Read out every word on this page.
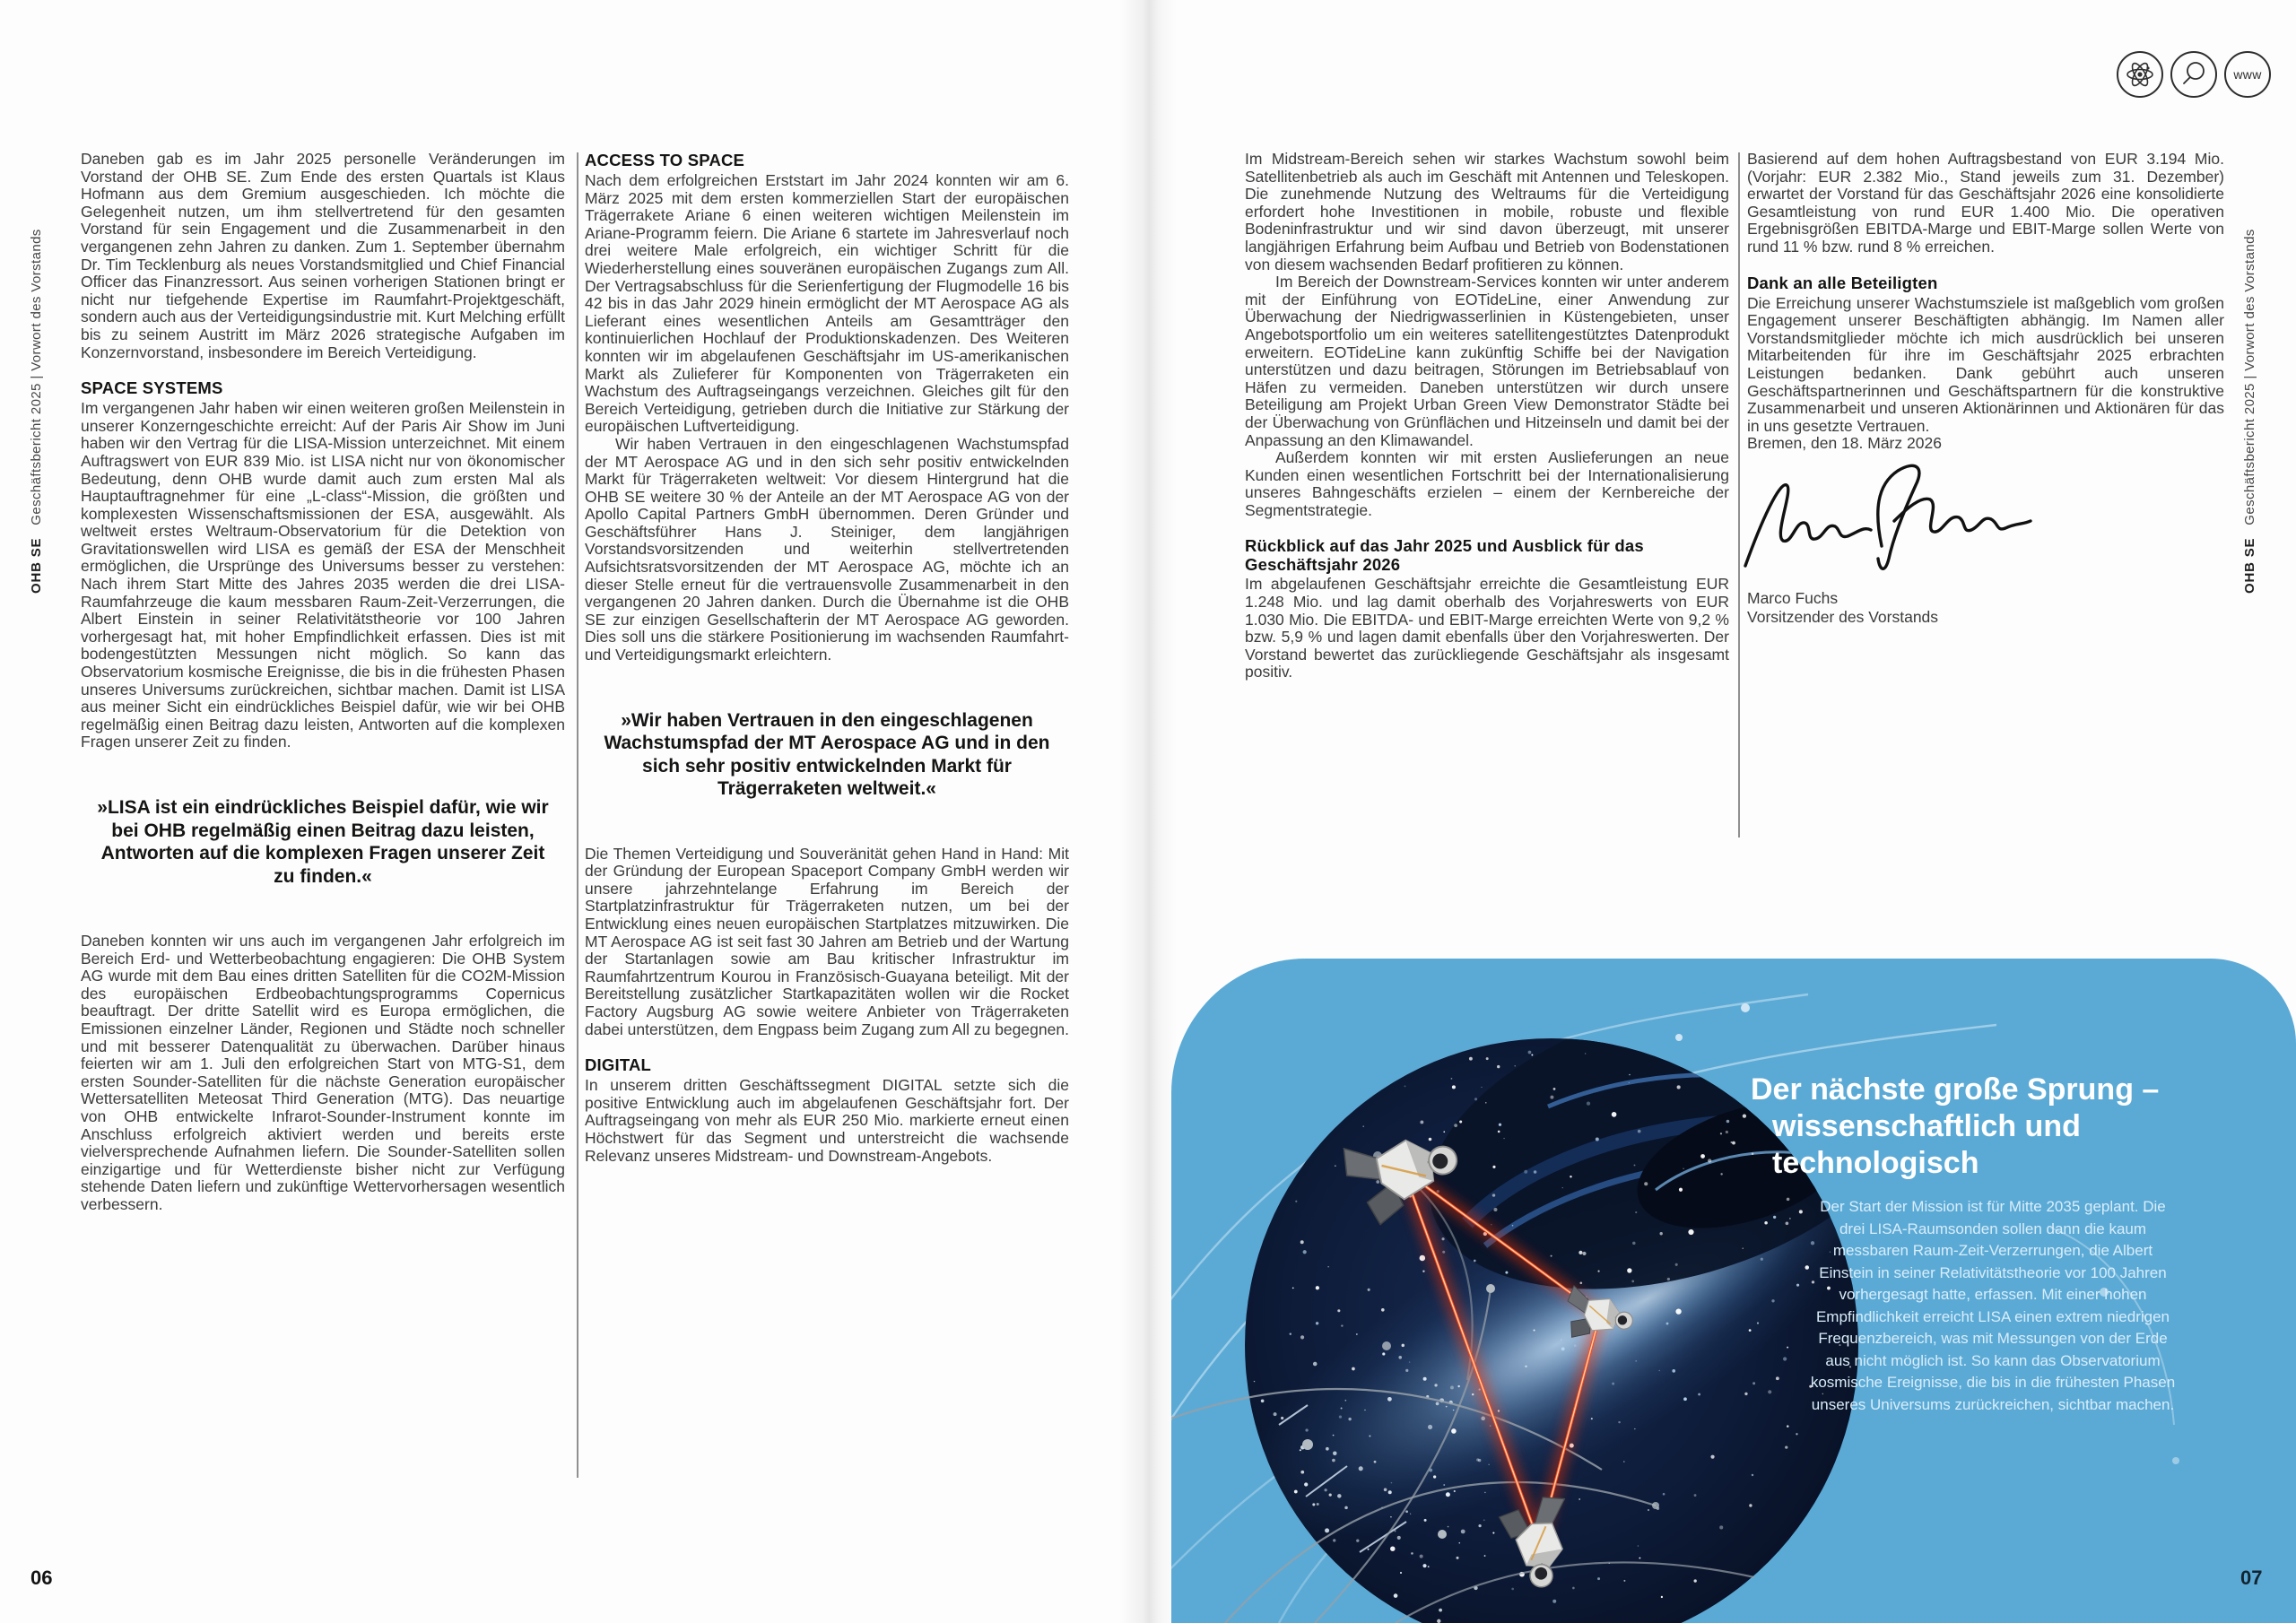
OHB SEGeschäftsbericht 2025 | Vorwort des Vorstands
OHB SEGeschäftsbericht 2025 | Vorwort des Vorstands
www

Daneben gab es im Jahr 2025 personelle Veränderungen im Vorstand der OHB SE. Zum Ende des ersten Quartals ist Klaus Hofmann aus dem Gremium ausgeschieden. Ich möchte die Gelegenheit nutzen, um ihm stellvertretend für den gesamten Vorstand für sein Engagement und die Zusammenarbeit in den vergangenen zehn Jahren zu danken. Zum 1. September übernahm Dr. Tim Tecklenburg als neues Vorstandsmitglied und Chief Financial Officer das Finanzressort. Aus seinen vorherigen Stationen bringt er nicht nur tiefgehende Expertise im Raumfahrt-Projektgeschäft, sondern auch aus der Verteidigungsindustrie mit. Kurt Melching erfüllt bis zu seinem Austritt im März 2026 strategische Aufgaben im Konzernvorstand, insbesondere im Bereich Verteidigung.

SPACE SYSTEMS

Im vergangenen Jahr haben wir einen weiteren großen Meilenstein in unserer Konzerngeschichte erreicht: Auf der Paris Air Show im Juni haben wir den Vertrag für die LISA-Mission unterzeichnet. Mit einem Auftragswert von EUR 839 Mio. ist LISA nicht nur von ökonomischer Bedeutung, denn OHB wurde damit auch zum ersten Mal als Hauptauftragnehmer für eine „L-class“-Mission, die größten und komplexesten Wissenschaftsmissionen der ESA, ausgewählt. Als weltweit erstes Weltraum-Observatorium für die Detektion von Gravitationswellen wird LISA es gemäß der ESA der Menschheit ermöglichen, die Ursprünge des Universums besser zu verstehen: Nach ihrem Start Mitte des Jahres 2035 werden die drei LISA-Raumfahrzeuge die kaum messbaren Raum-Zeit-Verzerrungen, die Albert Einstein in seiner Relativitätstheorie vor 100 Jahren vorhergesagt hat, mit hoher Empfindlichkeit erfassen. Dies ist mit bodengestützten Messungen nicht möglich. So kann das Observatorium kosmische Ereignisse, die bis in die frühesten Phasen unseres Universums zurückreichen, sichtbar machen. Damit ist LISA aus meiner Sicht ein eindrückliches Beispiel dafür, wie wir bei OHB regelmäßig einen Beitrag dazu leisten, Antworten auf die komplexen Fragen unserer Zeit zu finden.

»LISA ist ein eindrückliches Beispiel dafür, wie wir bei OHB regelmäßig einen Beitrag dazu leisten, Antworten auf die komplexen Fragen unserer Zeit zu finden.«

Daneben konnten wir uns auch im vergangenen Jahr erfolgreich im Bereich Erd- und Wetterbeobachtung engagieren: Die OHB System AG wurde mit dem Bau eines dritten Satelliten für die CO2M-Mission des europäischen Erdbeobachtungsprogramms Copernicus beauftragt. Der dritte Satellit wird es Europa ermöglichen, die Emissionen einzelner Länder, Regionen und Städte noch schneller und mit besserer Datenqualität zu überwachen. Darüber hinaus feierten wir am 1. Juli den erfolgreichen Start von MTG-S1, dem ersten Sounder-Satelliten für die nächste Generation europäischer Wettersatelliten Meteosat Third Generation (MTG). Das neuartige von OHB entwickelte Infrarot-Sounder-Instrument konnte im Anschluss erfolgreich aktiviert werden und bereits erste vielversprechende Aufnahmen liefern. Die Sounder-Satelliten sollen einzigartige und für Wetterdienste bisher nicht zur Verfügung stehende Daten liefern und zukünftige Wettervorhersagen wesentlich verbessern.

ACCESS TO SPACE

Nach dem erfolgreichen Erststart im Jahr 2024 konnten wir am 6. März 2025 mit dem ersten kommerziellen Start der europäischen Trägerrakete Ariane 6 einen weiteren wichtigen Meilenstein im Ariane-Programm feiern. Die Ariane 6 startete im Jahresverlauf noch drei weitere Male erfolgreich, ein wichtiger Schritt für die Wiederherstellung eines souveränen europäischen Zugangs zum All. Der Vertragsabschluss für die Serienfertigung der Flugmodelle 16 bis 42 bis in das Jahr 2029 hinein ermöglicht der MT Aerospace AG als Lieferant eines wesentlichen Anteils am Gesamtträger den kontinuierlichen Hochlauf der Produktionskadenzen. Des Weiteren konnten wir im abgelaufenen Geschäftsjahr im US-amerikanischen Markt als Zulieferer für Komponenten von Trägerraketen ein Wachstum des Auftragseingangs verzeichnen. Gleiches gilt für den Bereich Verteidigung, getrieben durch die Initiative zur Stärkung der europäischen Luftverteidigung.

Wir haben Vertrauen in den eingeschlagenen Wachstumspfad der MT Aerospace AG und in den sich sehr positiv entwickelnden Markt für Trägerraketen weltweit: Vor diesem Hintergrund hat die OHB SE weitere 30 % der Anteile an der MT Aerospace AG von der Apollo Capital Partners GmbH übernommen. Deren Gründer und Geschäftsführer Hans J. Steiniger, dem langjährigen Vorstandsvorsitzenden und weiterhin stellvertretenden Aufsichtsratsvorsitzenden der MT Aerospace AG, möchte ich an dieser Stelle erneut für die vertrauensvolle Zusammenarbeit in den vergangenen 20 Jahren danken. Durch die Übernahme ist die OHB SE zur einzigen Gesellschafterin der MT Aerospace AG geworden. Dies soll uns die stärkere Positionierung im wachsenden Raumfahrt- und Verteidigungsmarkt erleichtern.

»Wir haben Vertrauen in den eingeschlagenen Wachstumspfad der MT Aerospace AG und in den sich sehr positiv entwickelnden Markt für Trägerraketen weltweit.«

Die Themen Verteidigung und Souveränität gehen Hand in Hand: Mit der Gründung der European Spaceport Company GmbH werden wir unsere jahrzehntelange Erfahrung im Bereich der Startplatzinfrastruktur für Trägerraketen nutzen, um bei der Entwicklung eines neuen europäischen Startplatzes mitzuwirken. Die MT Aerospace AG ist seit fast 30 Jahren am Betrieb und der Wartung der Startanlagen sowie am Bau kritischer Infrastruktur im Raumfahrtzentrum Kourou in Französisch-Guayana beteiligt. Mit der Bereitstellung zusätzlicher Startkapazitäten wollen wir die Rocket Factory Augsburg AG sowie weitere Anbieter von Trägerraketen dabei unterstützen, dem Engpass beim Zugang zum All zu begegnen.

DIGITAL

In unserem dritten Geschäftssegment DIGITAL setzte sich die positive Entwicklung auch im abgelaufenen Geschäftsjahr fort. Der Auftragseingang von mehr als EUR 250 Mio. markierte erneut einen Höchstwert für das Segment und unterstreicht die wachsende Relevanz unseres Midstream- und Downstream-Angebots.

Im Midstream-Bereich sehen wir starkes Wachstum sowohl beim Satellitenbetrieb als auch im Geschäft mit Antennen und Teleskopen. Die zunehmende Nutzung des Weltraums für die Verteidigung erfordert hohe Investitionen in mobile, robuste und flexible Bodeninfrastruktur und wir sind davon überzeugt, mit unserer langjährigen Erfahrung beim Aufbau und Betrieb von Bodenstationen von diesem wachsenden Bedarf profitieren zu können.

Im Bereich der Downstream-Services konnten wir unter anderem mit der Einführung von EOTideLine, einer Anwendung zur Überwachung der Niedrigwasserlinien in Küstengebieten, unser Angebotsportfolio um ein weiteres satellitengestütztes Datenprodukt erweitern. EOTideLine kann zukünftig Schiffe bei der Navigation unterstützen und dazu beitragen, Störungen im Betriebsablauf von Häfen zu vermeiden. Daneben unterstützen wir durch unsere Beteiligung am Projekt Urban Green View Demonstrator Städte bei der Überwachung von Grünflächen und Hitzeinseln und damit bei der Anpassung an den Klimawandel.

Außerdem konnten wir mit ersten Auslieferungen an neue Kunden einen wesentlichen Fortschritt bei der Internationalisierung unseres Bahngeschäfts erzielen – einem der Kernbereiche der Segmentstrategie.

Rückblick auf das Jahr 2025 und Ausblick für das Geschäftsjahr 2026

Im abgelaufenen Geschäftsjahr erreichte die Gesamtleistung EUR 1.248 Mio. und lag damit oberhalb des Vorjahreswerts von EUR 1.030 Mio. Die EBITDA- und EBIT-Marge erreichten Werte von 9,2 % bzw. 5,9 % und lagen damit ebenfalls über den Vorjahreswerten. Der Vorstand bewertet das zurückliegende Geschäftsjahr als insgesamt positiv.

Basierend auf dem hohen Auftragsbestand von EUR 3.194 Mio. (Vorjahr: EUR 2.382 Mio., Stand jeweils zum 31. Dezember) erwartet der Vorstand für das Geschäftsjahr 2026 eine konsolidierte Gesamtleistung von rund EUR 1.400 Mio. Die operativen Ergebnisgrößen EBITDA-Marge und EBIT-Marge sollen Werte von rund 11 % bzw. rund 8 % erreichen.

Dank an alle Beteiligten

Die Erreichung unserer Wachstumsziele ist maßgeblich vom großen Engagement unserer Beschäftigten abhängig. Im Namen aller Vorstandsmitglieder möchte ich mich ausdrücklich bei unseren Mitarbeitenden für ihre im Geschäftsjahr 2025 erbrachten Leistungen bedanken. Dank gebührt auch unseren Geschäftspartnerinnen und Geschäftspartnern für die konstruktive Zusammenarbeit und unseren Aktionärinnen und Aktionären für das in uns gesetzte Vertrauen.

Bremen, den 18. März 2026

Marco Fuchs
Vorsitzender des Vorstands
Der nächste große Sprung –
wissenschaftlich und technologisch
Der Start der Mission ist für Mitte 2035 geplant. Die drei LISA-Raumsonden sollen dann die kaum messbaren Raum-Zeit-Verzerrungen, die Albert Einstein in seiner Relativitätstheorie vor 100 Jahren vorhergesagt hatte, erfassen. Mit einer hohen Empfindlichkeit erreicht LISA einen extrem niedrigen Frequenzbereich, was mit Messungen von der Erde aus nicht möglich ist. So kann das Observatorium kosmische Ereignisse, die bis in die frühesten Phasen unseres Universums zurückreichen, sichtbar machen.
06	07
